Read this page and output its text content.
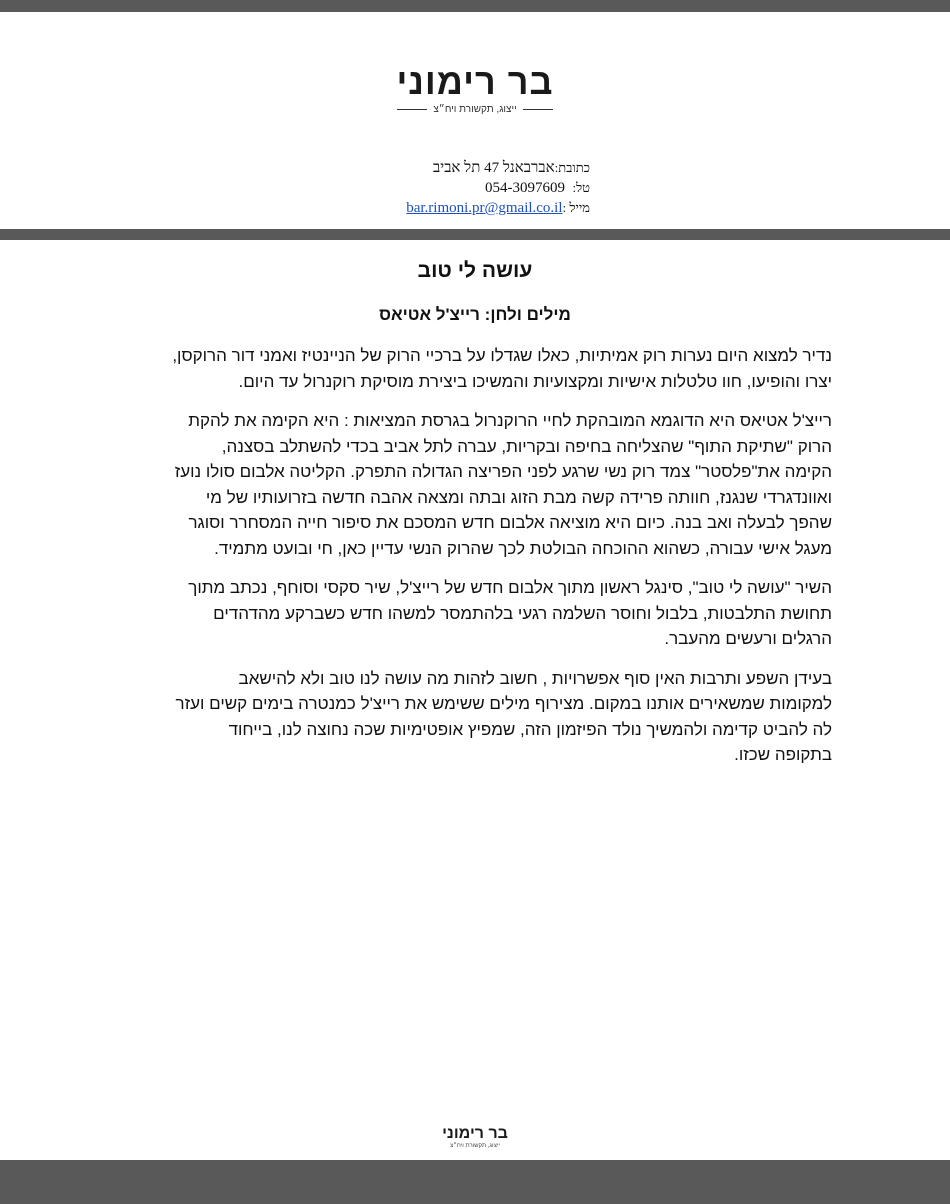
בר רימוני
ייצוג, תקשורת ויח״צ
כתובת:אברבאנל 47 תל אביב
טל:  054-3097609
מייל :bar.rimoni.pr@gmail.co.il
עושה לי טוב
מילים ולחן: רייצ'ל אטיאס

נדיר למצוא היום נערות רוק אמיתיות, כאלו שגדלו על ברכיי הרוק של הניינטיז ואמני דור הרוקסן,
יצרו והופיעו, חוו טלטלות אישיות ומקצועיות והמשיכו ביצירת מוסיקת רוקנרול עד היום.

רייצ'ל אטיאס היא הדוגמא המובהקת לחיי הרוקנרול בגרסת המציאות : היא הקימה את להקת
הרוק "שתיקת התוף" שהצליחה בחיפה ובקריות, עברה לתל אביב בכדי להשתלב בסצנה,
הקימה את"פלסטר" צמד רוק נשי שרגע לפני הפריצה הגדולה התפרק. הקליטה אלבום סולו נועז
ואוונדגרדי שנגנז, חוותה פרידה קשה מבת הזוג ובתה ומצאה אהבה חדשה בזרועותיו של מי
שהפך לבעלה ואב בנה. כיום היא מוציאה אלבום חדש המסכם את סיפור חייה המסחרר וסוגר
מעגל אישי עבורה, כשהוא ההוכחה הבולטת לכך שהרוק הנשי עדיין כאן, חי ובועט מתמיד.

השיר "עושה לי טוב", סינגל ראשון מתוך אלבום חדש של רייצ'ל, שיר סקסי וסוחף, נכתב מתוך
תחושת התלבטות, בלבול וחוסר השלמה רגעי בלהתמסר למשהו חדש כשברקע מהדהדים
הרגלים ורעשים מהעבר.

בעידן השפע ותרבות האין סוף אפשרויות , חשוב לזהות מה עושה לנו טוב ולא להישאב
למקומות שמשאירים אותנו במקום. מצירוף מילים ששימש את רייצ'ל כמנטרה בימים קשים ועזר
לה להביט קדימה ולהמשיך נולד הפיזמון הזה, שמפיץ אופטימיות שכה נחוצה לנו, בייחוד
בתקופה שכזו.

בר רימוני
ייצוג, תקשורת ויח״צ
